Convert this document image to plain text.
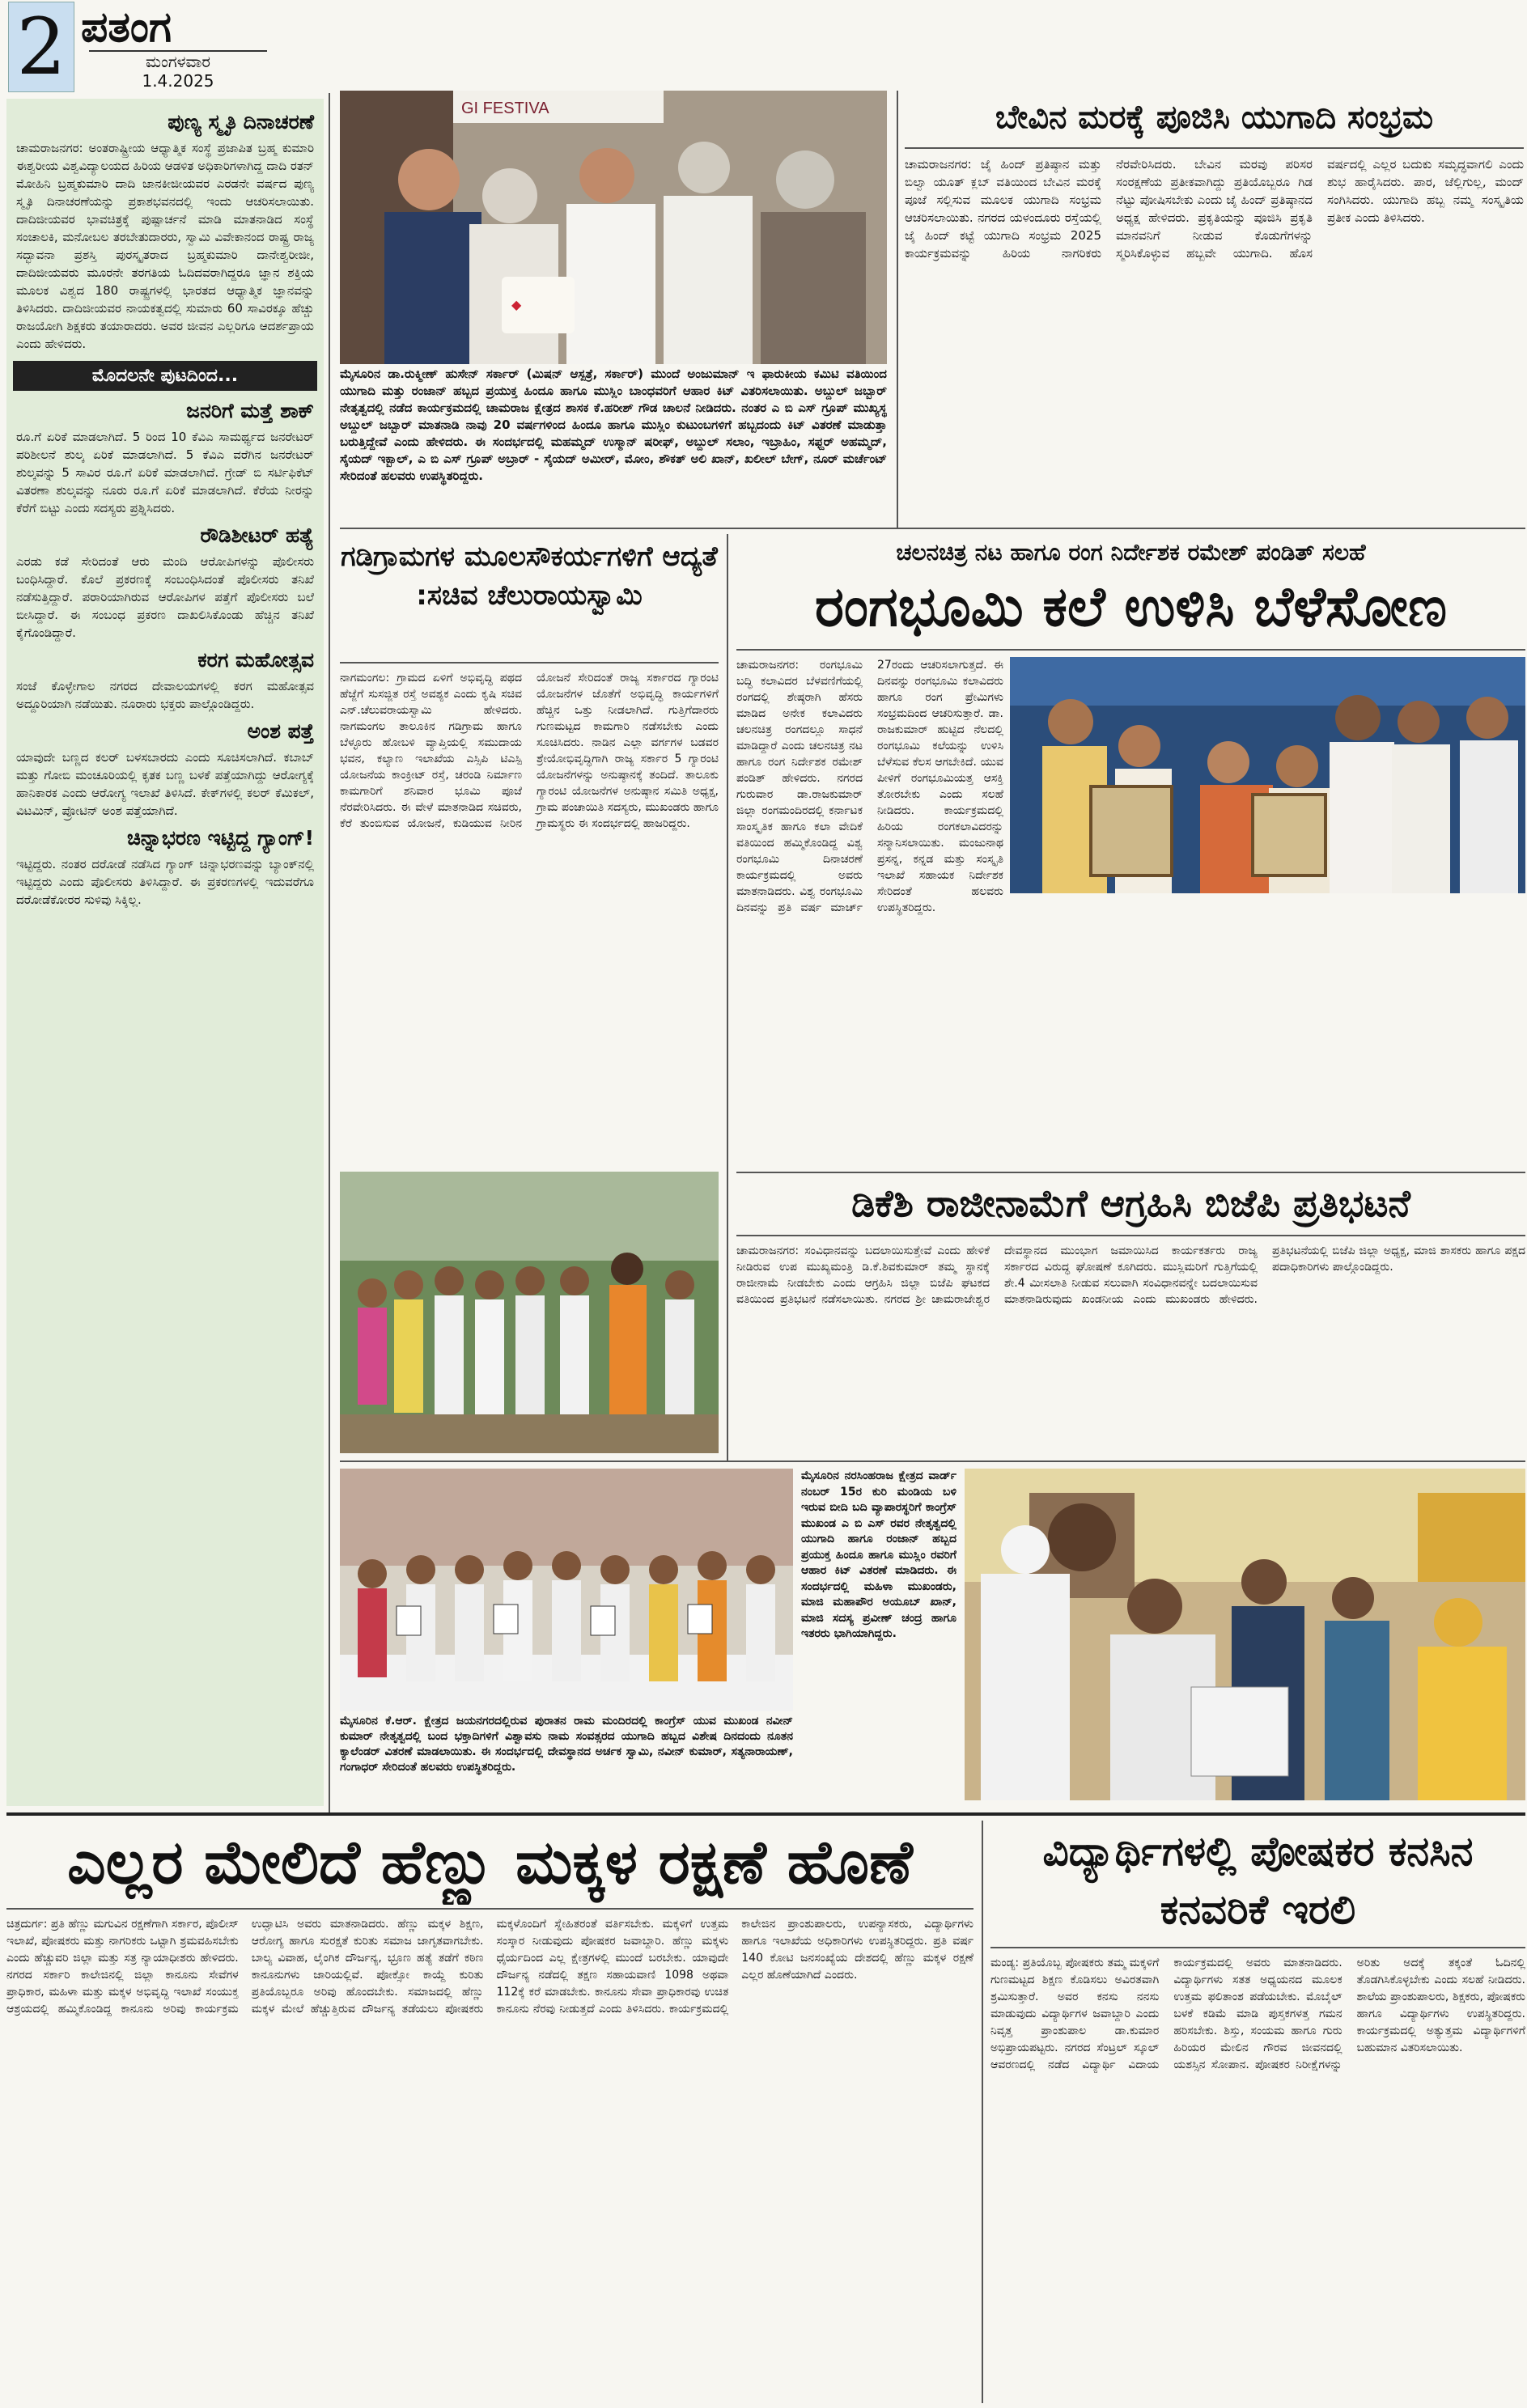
2 ಪತಂಗ
ಮಂಗಳವಾರ
1.4.2025
ಪುಣ್ಯ ಸ್ಮೃತಿ ದಿನಾಚರಣೆ

ಚಾಮರಾಜನಗರ: ಅಂತರಾಷ್ಟ್ರೀಯ ಆಧ್ಯಾತ್ಮಿಕ ಸಂಸ್ಥೆ ಪ್ರಜಾಪಿತ ಬ್ರಹ್ಮ ಕುಮಾರಿ ಈಶ್ವರೀಯ ವಿಶ್ವವಿದ್ಯಾಲಯದ ಹಿರಿಯ ಆಡಳಿತ ಅಧಿಕಾರಿಗಳಾಗಿದ್ದ ದಾದಿ ರತನ್ ಮೋಹಿನಿ ಬ್ರಹ್ಮಕುಮಾರಿ ದಾದಿ ಜಾನಕೀಜೀಯವರ ಎರಡನೇ ವರ್ಷದ ಪುಣ್ಯ ಸ್ಮೃತಿ ದಿನಾಚರಣೆಯನ್ನು ಪ್ರಕಾಶಭವನದಲ್ಲಿ ಇಂದು ಆಚರಿಸಲಾಯಿತು. ದಾದಿಜೀಯವರ ಭಾವಚಿತ್ರಕ್ಕೆ ಪುಷ್ಪಾರ್ಚನೆ ಮಾಡಿ ಮಾತನಾಡಿದ ಸಂಸ್ಥೆ ಸಂಚಾಲಕಿ, ಮನೋಬಲ ತರಬೇತುದಾರರು, ಸ್ವಾಮಿ ವಿವೇಕಾನಂದ ರಾಷ್ಟ್ರ ರಾಜ್ಯ ಸದ್ಭಾವನಾ ಪ್ರಶಸ್ತಿ ಪುರಸ್ಕೃತರಾದ ಬ್ರಹ್ಮಕುಮಾರಿ ದಾನೇಶ್ವರೀಜೀ, ದಾದಿಜೀಯವರು ಮೂರನೇ ತರಗತಿಯ ಓದಿದವರಾಗಿದ್ದರೂ ಜ್ಞಾನ ಶಕ್ತಿಯ ಮೂಲಕ ವಿಶ್ವದ 180 ರಾಷ್ಟ್ರಗಳಲ್ಲಿ ಭಾರತದ ಆಧ್ಯಾತ್ಮಿಕ ಜ್ಞಾನವನ್ನು ತಿಳಿಸಿದರು. ದಾದಿಜೀಯವರ ನಾಯಕತ್ವದಲ್ಲಿ ಸುಮಾರು 60 ಸಾವಿರಕ್ಕೂ ಹೆಚ್ಚು ರಾಜಯೋಗಿ ಶಿಕ್ಷಕರು ತಯಾರಾದರು. ಅವರ ಜೀವನ ಎಲ್ಲರಿಗೂ ಆದರ್ಶಪ್ರಾಯ ಎಂದು ಹೇಳಿದರು.

ಮೊದಲನೇ ಪುಟದಿಂದ...
ಜನರಿಗೆ ಮತ್ತೆ ಶಾಕ್

ರೂ.ಗೆ ಏರಿಕೆ ಮಾಡಲಾಗಿದೆ. 5 ರಿಂದ 10 ಕೆವಿಎ ಸಾಮರ್ಥ್ಯದ ಜನರೇಟರ್ ಪರಿಶೀಲನೆ ಶುಲ್ಕ ಏರಿಕೆ ಮಾಡಲಾಗಿದೆ. 5 ಕೆವಿಎ ವರೆಗಿನ ಜನರೇಟರ್ ಶುಲ್ಕವನ್ನು 5 ಸಾವಿರ ರೂ.ಗೆ ಏರಿಕೆ ಮಾಡಲಾಗಿದೆ. ಗ್ರೇಡ್ ಬಿ ಸರ್ಟಿಫಿಕೆಟ್ ವಿತರಣಾ ಶುಲ್ಕವನ್ನು ನೂರು ರೂ.ಗೆ ಏರಿಕೆ ಮಾಡಲಾಗಿದೆ. ಕೆರೆಯ ನೀರನ್ನು ಕೆರೆಗೆ ಬಿಟ್ಟು ಎಂದು ಸದಸ್ಯರು ಪ್ರಶ್ನಿಸಿದರು.

ರೌಡಿಶೀಟರ್ ಹತ್ಯೆ

ಎರಡು ಕಡೆ ಸೇರಿದಂತೆ ಆರು ಮಂದಿ ಆರೋಪಿಗಳನ್ನು ಪೊಲೀಸರು ಬಂಧಿಸಿದ್ದಾರೆ. ಕೊಲೆ ಪ್ರಕರಣಕ್ಕೆ ಸಂಬಂಧಿಸಿದಂತೆ ಪೊಲೀಸರು ತನಿಖೆ ನಡೆಸುತ್ತಿದ್ದಾರೆ. ಪರಾರಿಯಾಗಿರುವ ಆರೋಪಿಗಳ ಪತ್ತೆಗೆ ಪೊಲೀಸರು ಬಲೆ ಬೀಸಿದ್ದಾರೆ. ಈ ಸಂಬಂಧ ಪ್ರಕರಣ ದಾಖಲಿಸಿಕೊಂಡು ಹೆಚ್ಚಿನ ತನಿಖೆ ಕೈಗೊಂಡಿದ್ದಾರೆ.

ಕರಗ ಮಹೋತ್ಸವ

ಸಂಜೆ ಕೊಳ್ಳೇಗಾಲ ನಗರದ ದೇವಾಲಯಗಳಲ್ಲಿ ಕರಗ ಮಹೋತ್ಸವ ಅದ್ದೂರಿಯಾಗಿ ನಡೆಯಿತು. ನೂರಾರು ಭಕ್ತರು ಪಾಲ್ಗೊಂಡಿದ್ದರು.

ಅಂಶ ಪತ್ತೆ

ಯಾವುದೇ ಬಣ್ಣದ ಕಲರ್ ಬಳಸಬಾರದು ಎಂದು ಸೂಚಿಸಲಾಗಿದೆ. ಕಬಾಬ್ ಮತ್ತು ಗೋಬಿ ಮಂಚೂರಿಯಲ್ಲಿ ಕೃತಕ ಬಣ್ಣ ಬಳಕೆ ಪತ್ತೆಯಾಗಿದ್ದು ಆರೋಗ್ಯಕ್ಕೆ ಹಾನಿಕಾರಕ ಎಂದು ಆರೋಗ್ಯ ಇಲಾಖೆ ತಿಳಿಸಿದೆ. ಕೇಕ್‌ಗಳಲ್ಲಿ ಕಲರ್ ಕೆಮಿಕಲ್, ವಿಟಮಿನ್, ಪ್ರೋಟಿನ್ ಅಂಶ ಪತ್ತೆಯಾಗಿದೆ.

ಚಿನ್ನಾಭರಣ ಇಟ್ಟಿದ್ದ ಗ್ಯಾಂಗ್!

ಇಟ್ಟಿದ್ದರು. ನಂತರ ದರೋಡೆ ನಡೆಸಿದ ಗ್ಯಾಂಗ್ ಚಿನ್ನಾಭರಣವನ್ನು ಬ್ಯಾಂಕ್‌ನಲ್ಲಿ ಇಟ್ಟಿದ್ದರು ಎಂದು ಪೊಲೀಸರು ತಿಳಿಸಿದ್ದಾರೆ. ಈ ಪ್ರಕರಣಗಳಲ್ಲಿ ಇದುವರೆಗೂ ದರೋಡೆಕೋರರ ಸುಳಿವು ಸಿಕ್ಕಿಲ್ಲ.

GI FESTIVA
◆
ಮೈಸೂರಿನ ಡಾ.ರುಕ್ಮೀಣ್ ಹುಸೇನ್ ಸರ್ಕಾರ್ (ಮಿಷನ್ ಆಸ್ಪತ್ರೆ, ಸರ್ಕಾರ್) ಮುಂದೆ ಅಂಜುಮಾನ್ ಇ ಫಾರುಕೀಯ ಕಮಿಟಿ ವತಿಯಿಂದ ಯುಗಾದಿ ಮತ್ತು ರಂಜಾನ್ ಹಬ್ಬದ ಪ್ರಯುಕ್ತ ಹಿಂದೂ ಹಾಗೂ ಮುಸ್ಲಿಂ ಬಾಂಧವರಿಗೆ ಆಹಾರ ಕಿಟ್ ವಿತರಿಸಲಾಯಿತು. ಅಬ್ದುಲ್ ಜಬ್ಬಾರ್ ನೇತೃತ್ವದಲ್ಲಿ ನಡೆದ ಕಾರ್ಯಕ್ರಮದಲ್ಲಿ ಚಾಮರಾಜ ಕ್ಷೇತ್ರದ ಶಾಸಕ ಕೆ.ಹರೀಶ್ ಗೌಡ ಚಾಲನೆ ನೀಡಿದರು. ನಂತರ ಎ ಬಿ ಎಸ್ ಗ್ರೂಪ್ ಮುಖ್ಯಸ್ಥ ಅಬ್ದುಲ್ ಜಬ್ಬಾರ್ ಮಾತನಾಡಿ ನಾವು 20 ವರ್ಷಗಳಿಂದ ಹಿಂದೂ ಹಾಗೂ ಮುಸ್ಲಿಂ ಕುಟುಂಬಗಳಿಗೆ ಹಬ್ಬದಂದು ಕಿಟ್ ವಿತರಣೆ ಮಾಡುತ್ತಾ ಬರುತ್ತಿದ್ದೇವೆ ಎಂದು ಹೇಳಿದರು. ಈ ಸಂದರ್ಭದಲ್ಲಿ ಮಹಮ್ಮದ್ ಉಸ್ಮಾನ್ ಷರೀಫ್, ಅಬ್ದುಲ್ ಸಲಾಂ, ಇಬ್ರಾಹಿಂ, ಸಫ್ದರ್ ಅಹಮ್ಮದ್, ಸೈಯದ್ ಇಕ್ಬಾಲ್, ಎ ಬಿ ಎಸ್ ಗ್ರೂಪ್ ಅಬ್ರಾರ್ - ಸೈಯದ್ ಅಮೀರ್, ಮೋಂ, ಶೌಕತ್ ಅಲಿ ಖಾನ್, ಖಲೀಲ್ ಬೇಗ್, ನೂರ್ ಮರ್ಚೆಂಟ್ ಸೇರಿದಂತೆ ಹಲವರು ಉಪಸ್ಥಿತರಿದ್ದರು.
ಬೇವಿನ ಮರಕ್ಕೆ ಪೂಜಿಸಿ ಯುಗಾದಿ ಸಂಭ್ರಮ
ಚಾಮರಾಜನಗರ: ಜೈ ಹಿಂದ್ ಪ್ರತಿಷ್ಠಾನ ಮತ್ತು ಬಿಲ್ವಾ ಯೂತ್ ಕ್ಲಬ್ ವತಿಯಿಂದ ಬೇವಿನ ಮರಕ್ಕೆ ಪೂಜೆ ಸಲ್ಲಿಸುವ ಮೂಲಕ ಯುಗಾದಿ ಸಂಭ್ರಮ ಆಚರಿಸಲಾಯಿತು. ನಗರದ ಯಳಂದೂರು ರಸ್ತೆಯಲ್ಲಿ ಜೈ ಹಿಂದ್ ಕಟ್ಟೆ ಯುಗಾದಿ ಸಂಭ್ರಮ 2025 ಕಾರ್ಯಕ್ರಮವನ್ನು ಹಿರಿಯ ನಾಗರಿಕರು ನೆರವೇರಿಸಿದರು. ಬೇವಿನ ಮರವು ಪರಿಸರ ಸಂರಕ್ಷಣೆಯ ಪ್ರತೀಕವಾಗಿದ್ದು ಪ್ರತಿಯೊಬ್ಬರೂ ಗಿಡ ನೆಟ್ಟು ಪೋಷಿಸಬೇಕು ಎಂದು ಜೈ ಹಿಂದ್ ಪ್ರತಿಷ್ಠಾನದ ಅಧ್ಯಕ್ಷ ಹೇಳಿದರು. ಪ್ರಕೃತಿಯನ್ನು ಪೂಜಿಸಿ ಪ್ರಕೃತಿ ಮಾನವನಿಗೆ ನೀಡುವ ಕೊಡುಗೆಗಳನ್ನು ಸ್ಮರಿಸಿಕೊಳ್ಳುವ ಹಬ್ಬವೇ ಯುಗಾದಿ. ಹೊಸ ವರ್ಷದಲ್ಲಿ ಎಲ್ಲರ ಬದುಕು ಸಮೃದ್ಧವಾಗಲಿ ಎಂದು ಶುಭ ಹಾರೈಸಿದರು. ಪಾರ, ಜೆಲ್ಲಿಗುಲ್ಲ, ಮಂದ್ ಸಂಗಿಸಿದರು. ಯುಗಾದಿ ಹಬ್ಬ ನಮ್ಮ ಸಂಸ್ಕೃತಿಯ ಪ್ರತೀಕ ಎಂದು ತಿಳಿಸಿದರು.
ಗಡಿಗ್ರಾಮಗಳ ಮೂಲಸೌಕರ್ಯಗಳಿಗೆ ಆದ್ಯತೆ :ಸಚಿವ ಚೆಲುರಾಯಸ್ವಾಮಿ
ನಾಗಮಂಗಲ: ಗ್ರಾಮದ ಏಳಿಗೆ ಅಭಿವೃದ್ಧಿ ಪಥದ ಹೆಜ್ಜೆಗೆ ಸುಸಜ್ಜಿತ ರಸ್ತೆ ಅವಶ್ಯಕ ಎಂದು ಕೃಷಿ ಸಚಿವ ಎನ್.ಚೆಲುವರಾಯಸ್ವಾಮಿ ಹೇಳಿದರು. ನಾಗಮಂಗಲ ತಾಲೂಕಿನ ಗಡಿಗ್ರಾಮ ಹಾಗೂ ಬೆಳ್ಳೂರು ಹೋಬಳಿ ವ್ಯಾಪ್ತಿಯಲ್ಲಿ ಸಮುದಾಯ ಭವನ, ಕಲ್ಯಾಣ ಇಲಾಖೆಯ ಎಸ್ಸಿಪಿ ಟಿಎಸ್ಪಿ ಯೋಜನೆಯ ಕಾಂಕ್ರೀಟ್ ರಸ್ತೆ, ಚರಂಡಿ ನಿರ್ಮಾಣ ಕಾಮಗಾರಿಗೆ ಶನಿವಾರ ಭೂಮಿ ಪೂಜೆ ನೆರವೇರಿಸಿದರು. ಈ ವೇಳೆ ಮಾತನಾಡಿದ ಸಚಿವರು, ಕೆರೆ ತುಂಬಿಸುವ ಯೋಜನೆ, ಕುಡಿಯುವ ನೀರಿನ ಯೋಜನೆ ಸೇರಿದಂತೆ ರಾಜ್ಯ ಸರ್ಕಾರದ ಗ್ಯಾರಂಟಿ ಯೋಜನೆಗಳ ಜೊತೆಗೆ ಅಭಿವೃದ್ಧಿ ಕಾರ್ಯಗಳಿಗೆ ಹೆಚ್ಚಿನ ಒತ್ತು ನೀಡಲಾಗಿದೆ. ಗುತ್ತಿಗೆದಾರರು ಗುಣಮಟ್ಟದ ಕಾಮಗಾರಿ ನಡೆಸಬೇಕು ಎಂದು ಸೂಚಿಸಿದರು. ನಾಡಿನ ಎಲ್ಲಾ ವರ್ಗಗಳ ಬಡವರ ಶ್ರೇಯೋಭಿವೃದ್ಧಿಗಾಗಿ ರಾಜ್ಯ ಸರ್ಕಾರ 5 ಗ್ಯಾರಂಟಿ ಯೋಜನೆಗಳನ್ನು ಅನುಷ್ಠಾನಕ್ಕೆ ತಂದಿದೆ. ತಾಲೂಕು ಗ್ಯಾರಂಟಿ ಯೋಜನೆಗಳ ಅನುಷ್ಠಾನ ಸಮಿತಿ ಅಧ್ಯಕ್ಷ, ಗ್ರಾಮ ಪಂಚಾಯಿತಿ ಸದಸ್ಯರು, ಮುಖಂಡರು ಹಾಗೂ ಗ್ರಾಮಸ್ಥರು ಈ ಸಂದರ್ಭದಲ್ಲಿ ಹಾಜರಿದ್ದರು.
ಚಲನಚಿತ್ರ ನಟ ಹಾಗೂ ರಂಗ ನಿರ್ದೇಶಕ ರಮೇಶ್ ಪಂಡಿತ್ ಸಲಹೆ
ರಂಗಭೂಮಿ ಕಲೆ ಉಳಿಸಿ ಬೆಳೆಸೋಣ
ಚಾಮರಾಜನಗರ: ರಂಗಭೂಮಿ ಬದ್ಧಿ ಕಲಾವಿದರ ಬೆಳವಣಿಗೆಯಲ್ಲಿ ರಂಗದಲ್ಲಿ ಶೇಷ್ಠರಾಗಿ ಹೆಸರು ಮಾಡಿದ ಅನೇಕ ಕಲಾವಿದರು ಚಲನಚಿತ್ರ ರಂಗದಲ್ಲೂ ಸಾಧನೆ ಮಾಡಿದ್ದಾರೆ ಎಂದು ಚಲನಚಿತ್ರ ನಟ ಹಾಗೂ ರಂಗ ನಿರ್ದೇಶಕ ರಮೇಶ್ ಪಂಡಿತ್ ಹೇಳಿದರು. ನಗರದ ಗುರುವಾರ ಡಾ.ರಾಜಕುಮಾರ್ ಜಿಲ್ಲಾ ರಂಗಮಂದಿರದಲ್ಲಿ ಕರ್ನಾಟಕ ಸಾಂಸ್ಕೃತಿಕ ಹಾಗೂ ಕಲಾ ವೇದಿಕೆ ವತಿಯಿಂದ ಹಮ್ಮಿಕೊಂಡಿದ್ದ ವಿಶ್ವ ರಂಗಭೂಮಿ ದಿನಾಚರಣೆ ಕಾರ್ಯಕ್ರಮದಲ್ಲಿ ಅವರು ಮಾತನಾಡಿದರು. ವಿಶ್ವ ರಂಗಭೂಮಿ ದಿನವನ್ನು ಪ್ರತಿ ವರ್ಷ ಮಾರ್ಚ್ 27ರಂದು ಆಚರಿಸಲಾಗುತ್ತದೆ. ಈ ದಿನವನ್ನು ರಂಗಭೂಮಿ ಕಲಾವಿದರು ಹಾಗೂ ರಂಗ ಪ್ರೇಮಿಗಳು ಸಂಭ್ರಮದಿಂದ ಆಚರಿಸುತ್ತಾರೆ. ಡಾ. ರಾಜಕುಮಾರ್ ಹುಟ್ಟಿದ ನೆಲದಲ್ಲಿ ರಂಗಭೂಮಿ ಕಲೆಯನ್ನು ಉಳಿಸಿ ಬೆಳೆಸುವ ಕೆಲಸ ಆಗಬೇಕಿದೆ. ಯುವ ಪೀಳಿಗೆ ರಂಗಭೂಮಿಯತ್ತ ಆಸಕ್ತಿ ತೋರಬೇಕು ಎಂದು ಸಲಹೆ ನೀಡಿದರು. ಕಾರ್ಯಕ್ರಮದಲ್ಲಿ ಹಿರಿಯ ರಂಗಕಲಾವಿದರನ್ನು ಸನ್ಮಾನಿಸಲಾಯಿತು. ಮಂಜುನಾಥ ಪ್ರಸನ್ನ, ಕನ್ನಡ ಮತ್ತು ಸಂಸ್ಕೃತಿ ಇಲಾಖೆ ಸಹಾಯಕ ನಿರ್ದೇಶಕ ಸೇರಿದಂತೆ ಹಲವರು ಉಪಸ್ಥಿತರಿದ್ದರು.
ಡಿಕೆಶಿ ರಾಜೀನಾಮೆಗೆ ಆಗ್ರಹಿಸಿ ಬಿಜೆಪಿ ಪ್ರತಿಭಟನೆ
ಚಾಮರಾಜನಗರ: ಸಂವಿಧಾನವನ್ನು ಬದಲಾಯಿಸುತ್ತೇವೆ ಎಂದು ಹೇಳಿಕೆ ನೀಡಿರುವ ಉಪ ಮುಖ್ಯಮಂತ್ರಿ ಡಿ.ಕೆ.ಶಿವಕುಮಾರ್ ತಮ್ಮ ಸ್ಥಾನಕ್ಕೆ ರಾಜೀನಾಮೆ ನೀಡಬೇಕು ಎಂದು ಆಗ್ರಹಿಸಿ ಜಿಲ್ಲಾ ಬಿಜೆಪಿ ಘಟಕದ ವತಿಯಿಂದ ಪ್ರತಿಭಟನೆ ನಡೆಸಲಾಯಿತು. ನಗರದ ಶ್ರೀ ಚಾಮರಾಜೇಶ್ವರ ದೇವಸ್ಥಾನದ ಮುಂಭಾಗ ಜಮಾಯಿಸಿದ ಕಾರ್ಯಕರ್ತರು ರಾಜ್ಯ ಸರ್ಕಾರದ ವಿರುದ್ಧ ಘೋಷಣೆ ಕೂಗಿದರು. ಮುಸ್ಲಿಮರಿಗೆ ಗುತ್ತಿಗೆಯಲ್ಲಿ ಶೇ.4 ಮೀಸಲಾತಿ ನೀಡುವ ಸಲುವಾಗಿ ಸಂವಿಧಾನವನ್ನೇ ಬದಲಾಯಿಸುವ ಮಾತನಾಡಿರುವುದು ಖಂಡನೀಯ ಎಂದು ಮುಖಂಡರು ಹೇಳಿದರು. ಪ್ರತಿಭಟನೆಯಲ್ಲಿ ಬಿಜೆಪಿ ಜಿಲ್ಲಾ ಅಧ್ಯಕ್ಷ, ಮಾಜಿ ಶಾಸಕರು ಹಾಗೂ ಪಕ್ಷದ ಪದಾಧಿಕಾರಿಗಳು ಪಾಲ್ಗೊಂಡಿದ್ದರು.
ಮೈಸೂರಿನ ಕೆ.ಆರ್. ಕ್ಷೇತ್ರದ ಜಯನಗರದಲ್ಲಿರುವ ಪುರಾತನ ರಾಮ ಮಂದಿರದಲ್ಲಿ ಕಾಂಗ್ರೆಸ್ ಯುವ ಮುಖಂಡ ನವೀನ್ ಕುಮಾರ್ ನೇತೃತ್ವದಲ್ಲಿ ಬಂದ ಭಕ್ತಾದಿಗಳಿಗೆ ವಿಶ್ವಾವಸು ನಾಮ ಸಂವತ್ಸರದ ಯುಗಾದಿ ಹಬ್ಬದ ವಿಶೇಷ ದಿನದಂದು ನೂತನ ಕ್ಯಾಲೆಂಡರ್ ವಿತರಣೆ ಮಾಡಲಾಯಿತು. ಈ ಸಂದರ್ಭದಲ್ಲಿ ದೇವಸ್ಥಾನದ ಅರ್ಚಕ ಸ್ವಾಮಿ, ನವೀನ್ ಕುಮಾರ್, ಸತ್ಯನಾರಾಯಣ್, ಗಂಗಾಧರ್ ಸೇರಿದಂತೆ ಹಲವರು ಉಪಸ್ಥಿತರಿದ್ದರು.
ಮೈಸೂರಿನ ನರಸಿಂಹರಾಜ ಕ್ಷೇತ್ರದ ವಾರ್ಡ್ ನಂಬರ್ 15ರ ಕುರಿ ಮಂಡಿಯ ಬಳಿ ಇರುವ ಬೀದಿ ಬದಿ ವ್ಯಾಪಾರಸ್ಥರಿಗೆ ಕಾಂಗ್ರೆಸ್ ಮುಖಂಡ ಎ ಬಿ ಎಸ್ ರವರ ನೇತೃತ್ವದಲ್ಲಿ ಯುಗಾದಿ ಹಾಗೂ ರಂಜಾನ್ ಹಬ್ಬದ ಪ್ರಯುಕ್ತ ಹಿಂದೂ ಹಾಗೂ ಮುಸ್ಲಿಂ ರವರಿಗೆ ಆಹಾರ ಕಿಟ್ ವಿತರಣೆ ಮಾಡಿದರು. ಈ ಸಂದರ್ಭದಲ್ಲಿ ಮಹಿಳಾ ಮುಖಂಡರು, ಮಾಜಿ ಮಹಾಪೌರ ಅಯೂಬ್ ಖಾನ್, ಮಾಜಿ ಸದಸ್ಯ ಪ್ರವೀಣ್ ಚಂದ್ರ ಹಾಗೂ ಇತರರು ಭಾಗಿಯಾಗಿದ್ದರು.
ಎಲ್ಲರ ಮೇಲಿದೆ ಹೆಣ್ಣು ಮಕ್ಕಳ ರಕ್ಷಣೆ ಹೊಣೆ
ಚಿತ್ರದುರ್ಗ: ಪ್ರತಿ ಹೆಣ್ಣು ಮಗುವಿನ ರಕ್ಷಣೆಗಾಗಿ ಸರ್ಕಾರ, ಪೊಲೀಸ್ ಇಲಾಖೆ, ಪೋಷಕರು ಮತ್ತು ನಾಗರಿಕರು ಒಟ್ಟಾಗಿ ಶ್ರಮವಹಿಸಬೇಕು ಎಂದು ಹೆಚ್ಚುವರಿ ಜಿಲ್ಲಾ ಮತ್ತು ಸತ್ರ ನ್ಯಾಯಾಧೀಶರು ಹೇಳಿದರು. ನಗರದ ಸರ್ಕಾರಿ ಕಾಲೇಜಿನಲ್ಲಿ ಜಿಲ್ಲಾ ಕಾನೂನು ಸೇವೆಗಳ ಪ್ರಾಧಿಕಾರ, ಮಹಿಳಾ ಮತ್ತು ಮಕ್ಕಳ ಅಭಿವೃದ್ಧಿ ಇಲಾಖೆ ಸಂಯುಕ್ತ ಆಶ್ರಯದಲ್ಲಿ ಹಮ್ಮಿಕೊಂಡಿದ್ದ ಕಾನೂನು ಅರಿವು ಕಾರ್ಯಕ್ರಮ ಉದ್ಘಾಟಿಸಿ ಅವರು ಮಾತನಾಡಿದರು. ಹೆಣ್ಣು ಮಕ್ಕಳ ಶಿಕ್ಷಣ, ಆರೋಗ್ಯ ಹಾಗೂ ಸುರಕ್ಷತೆ ಕುರಿತು ಸಮಾಜ ಜಾಗೃತವಾಗಬೇಕು. ಬಾಲ್ಯ ವಿವಾಹ, ಲೈಂಗಿಕ ದೌರ್ಜನ್ಯ, ಭ್ರೂಣ ಹತ್ಯೆ ತಡೆಗೆ ಕಠಿಣ ಕಾನೂನುಗಳು ಜಾರಿಯಲ್ಲಿವೆ. ಪೋಕ್ಸೋ ಕಾಯ್ದೆ ಕುರಿತು ಪ್ರತಿಯೊಬ್ಬರೂ ಅರಿವು ಹೊಂದಬೇಕು. ಸಮಾಜದಲ್ಲಿ ಹೆಣ್ಣು ಮಕ್ಕಳ ಮೇಲೆ ಹೆಚ್ಚುತ್ತಿರುವ ದೌರ್ಜನ್ಯ ತಡೆಯಲು ಪೋಷಕರು ಮಕ್ಕಳೊಂದಿಗೆ ಸ್ನೇಹಿತರಂತೆ ವರ್ತಿಸಬೇಕು. ಮಕ್ಕಳಿಗೆ ಉತ್ತಮ ಸಂಸ್ಕಾರ ನೀಡುವುದು ಪೋಷಕರ ಜವಾಬ್ದಾರಿ. ಹೆಣ್ಣು ಮಕ್ಕಳು ಧೈರ್ಯದಿಂದ ಎಲ್ಲ ಕ್ಷೇತ್ರಗಳಲ್ಲಿ ಮುಂದೆ ಬರಬೇಕು. ಯಾವುದೇ ದೌರ್ಜನ್ಯ ನಡೆದಲ್ಲಿ ತಕ್ಷಣ ಸಹಾಯವಾಣಿ 1098 ಅಥವಾ 112ಕ್ಕೆ ಕರೆ ಮಾಡಬೇಕು. ಕಾನೂನು ಸೇವಾ ಪ್ರಾಧಿಕಾರವು ಉಚಿತ ಕಾನೂನು ನೆರವು ನೀಡುತ್ತದೆ ಎಂದು ತಿಳಿಸಿದರು. ಕಾರ್ಯಕ್ರಮದಲ್ಲಿ ಕಾಲೇಜಿನ ಪ್ರಾಂಶುಪಾಲರು, ಉಪನ್ಯಾಸಕರು, ವಿದ್ಯಾರ್ಥಿಗಳು ಹಾಗೂ ಇಲಾಖೆಯ ಅಧಿಕಾರಿಗಳು ಉಪಸ್ಥಿತರಿದ್ದರು. ಪ್ರತಿ ವರ್ಷ 140 ಕೋಟಿ ಜನಸಂಖ್ಯೆಯ ದೇಶದಲ್ಲಿ ಹೆಣ್ಣು ಮಕ್ಕಳ ರಕ್ಷಣೆ ಎಲ್ಲರ ಹೊಣೆಯಾಗಿದೆ ಎಂದರು.
ವಿದ್ಯಾರ್ಥಿಗಳಲ್ಲಿ ಪೋಷಕರ ಕನಸಿನ ಕನವರಿಕೆ ಇರಲಿ
ಮಂಡ್ಯ: ಪ್ರತಿಯೊಬ್ಬ ಪೋಷಕರು ತಮ್ಮ ಮಕ್ಕಳಿಗೆ ಗುಣಮಟ್ಟದ ಶಿಕ್ಷಣ ಕೊಡಿಸಲು ಅವಿರತವಾಗಿ ಶ್ರಮಿಸುತ್ತಾರೆ. ಅವರ ಕನಸು ನನಸು ಮಾಡುವುದು ವಿದ್ಯಾರ್ಥಿಗಳ ಜವಾಬ್ದಾರಿ ಎಂದು ನಿವೃತ್ತ ಪ್ರಾಂಶುಪಾಲ ಡಾ.ಕುಮಾರ ಅಭಿಪ್ರಾಯಪಟ್ಟರು. ನಗರದ ಸೆಂಟ್ರಲ್ ಸ್ಕೂಲ್ ಆವರಣದಲ್ಲಿ ನಡೆದ ವಿದ್ಯಾರ್ಥಿ ವಿದಾಯ ಕಾರ್ಯಕ್ರಮದಲ್ಲಿ ಅವರು ಮಾತನಾಡಿದರು. ವಿದ್ಯಾರ್ಥಿಗಳು ಸತತ ಅಧ್ಯಯನದ ಮೂಲಕ ಉತ್ತಮ ಫಲಿತಾಂಶ ಪಡೆಯಬೇಕು. ಮೊಬೈಲ್ ಬಳಕೆ ಕಡಿಮೆ ಮಾಡಿ ಪುಸ್ತಕಗಳತ್ತ ಗಮನ ಹರಿಸಬೇಕು. ಶಿಸ್ತು, ಸಂಯಮ ಹಾಗೂ ಗುರು ಹಿರಿಯರ ಮೇಲಿನ ಗೌರವ ಜೀವನದಲ್ಲಿ ಯಶಸ್ಸಿನ ಸೋಪಾನ. ಪೋಷಕರ ನಿರೀಕ್ಷೆಗಳನ್ನು ಅರಿತು ಅದಕ್ಕೆ ತಕ್ಕಂತೆ ಓದಿನಲ್ಲಿ ತೊಡಗಿಸಿಕೊಳ್ಳಬೇಕು ಎಂದು ಸಲಹೆ ನೀಡಿದರು. ಶಾಲೆಯ ಪ್ರಾಂಶುಪಾಲರು, ಶಿಕ್ಷಕರು, ಪೋಷಕರು ಹಾಗೂ ವಿದ್ಯಾರ್ಥಿಗಳು ಉಪಸ್ಥಿತರಿದ್ದರು. ಕಾರ್ಯಕ್ರಮದಲ್ಲಿ ಅತ್ಯುತ್ತಮ ವಿದ್ಯಾರ್ಥಿಗಳಿಗೆ ಬಹುಮಾನ ವಿತರಿಸಲಾಯಿತು.
